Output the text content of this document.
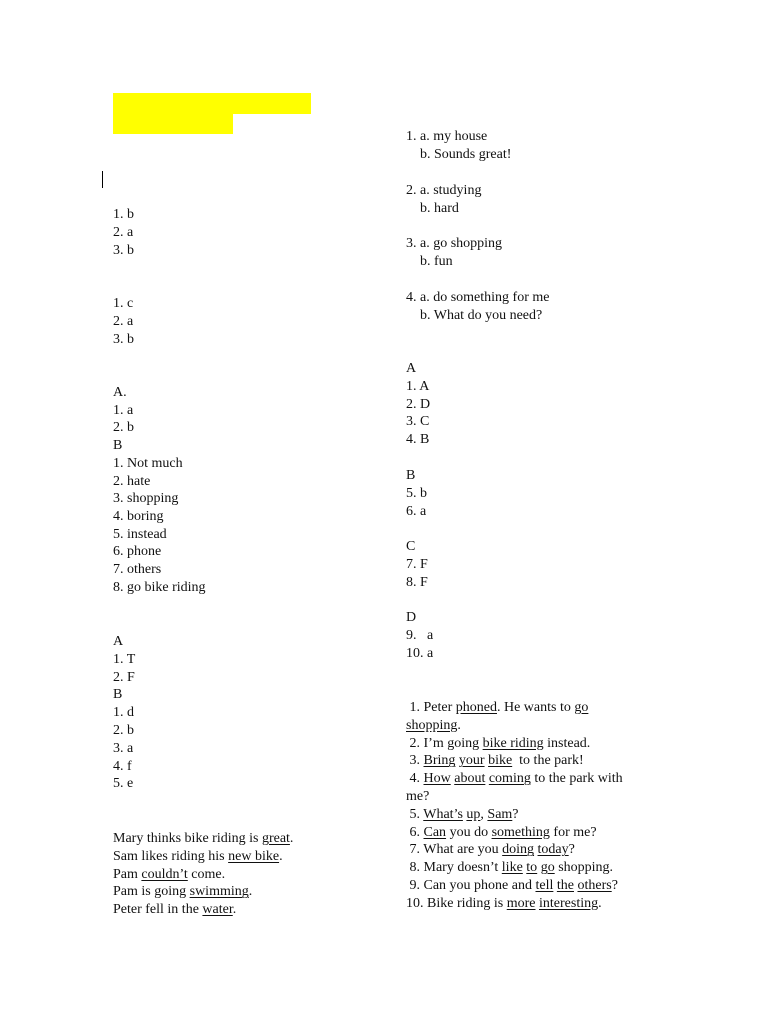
1. b
2. a
3. b
1. c
2. a
3. b
A.
1. a
2. b
B
1. Not much
2. hate
3. shopping
4. boring
5. instead
6. phone
7. others
8. go bike riding
A
1. T
2. F
B
1. d
2. b
3. a
4. f
5. e
Mary thinks bike riding is great.
Sam likes riding his new bike.
Pam couldn’t come.
Pam is going swimming.
Peter fell in the water.
1. a. my house
b. Sounds great!
2. a. studying
b. hard
3. a. go shopping
b. fun
4. a. do something for me
b. What do you need?
A
1. A
2. D
3. C
4. B
B
5. b
6. a
C
7. F
8. F
D
9.   a
10. a
1. Peter phoned. He wants to go
shopping.
2. I’m going bike riding instead.
3. Bring your bike  to the park!
4. How about coming to the park with
me?
5. What’s up, Sam?
6. Can you do something for me?
7. What are you doing today?
8. Mary doesn’t like to go shopping.
9. Can you phone and tell the others?
10. Bike riding is more interesting.
